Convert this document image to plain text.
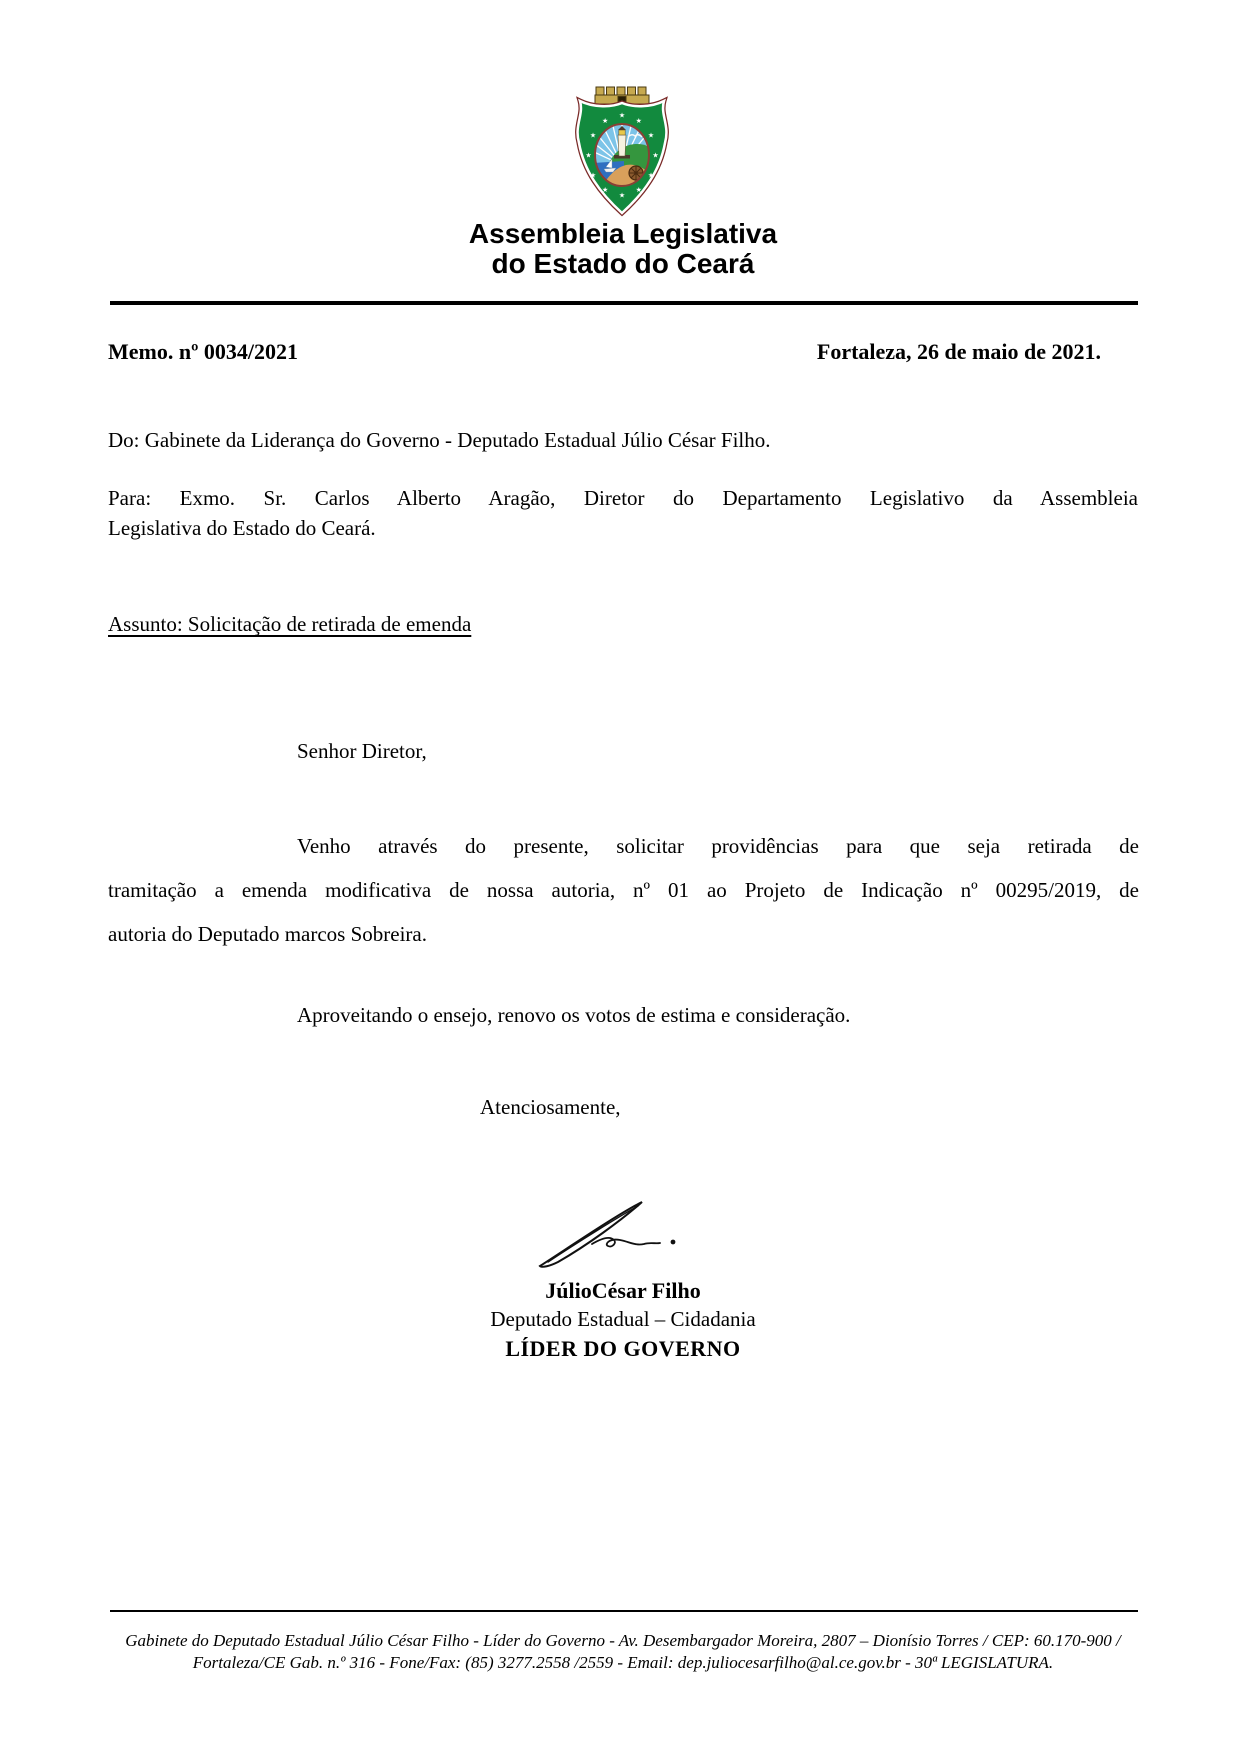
★
★
★
★
★
★
★
★
★
★
★
★
Assembleia Legislativa
do Estado do Ceará
Memo. nº 0034/2021	Fortaleza, 26 de maio de 2021.
Do: Gabinete da Liderança do Governo - Deputado Estadual Júlio César Filho.
Para: Exmo. Sr. Carlos Alberto Aragão, Diretor do Departamento Legislativo da Assembleia
Legislativa do Estado do Ceará.
Assunto: Solicitação de retirada de emenda
Senhor Diretor,
Venho através do presente, solicitar providências para que seja retirada de
tramitação a emenda modificativa de nossa autoria, nº 01 ao Projeto de Indicação nº 00295/2019, de
autoria do Deputado marcos Sobreira.
Aproveitando o ensejo, renovo os votos de estima e consideração.
Atenciosamente,
JúlioCésar Filho
Deputado Estadual – Cidadania
LÍDER DO GOVERNO
Gabinete do Deputado Estadual Júlio César Filho - Líder do Governo - Av. Desembargador Moreira, 2807 – Dionísio Torres / CEP: 60.170-900 /
Fortaleza/CE Gab. n.º 316 - Fone/Fax: (85) 3277.2558 /2559 - Email: dep.juliocesarfilho@al.ce.gov.br - 30ª LEGISLATURA.
